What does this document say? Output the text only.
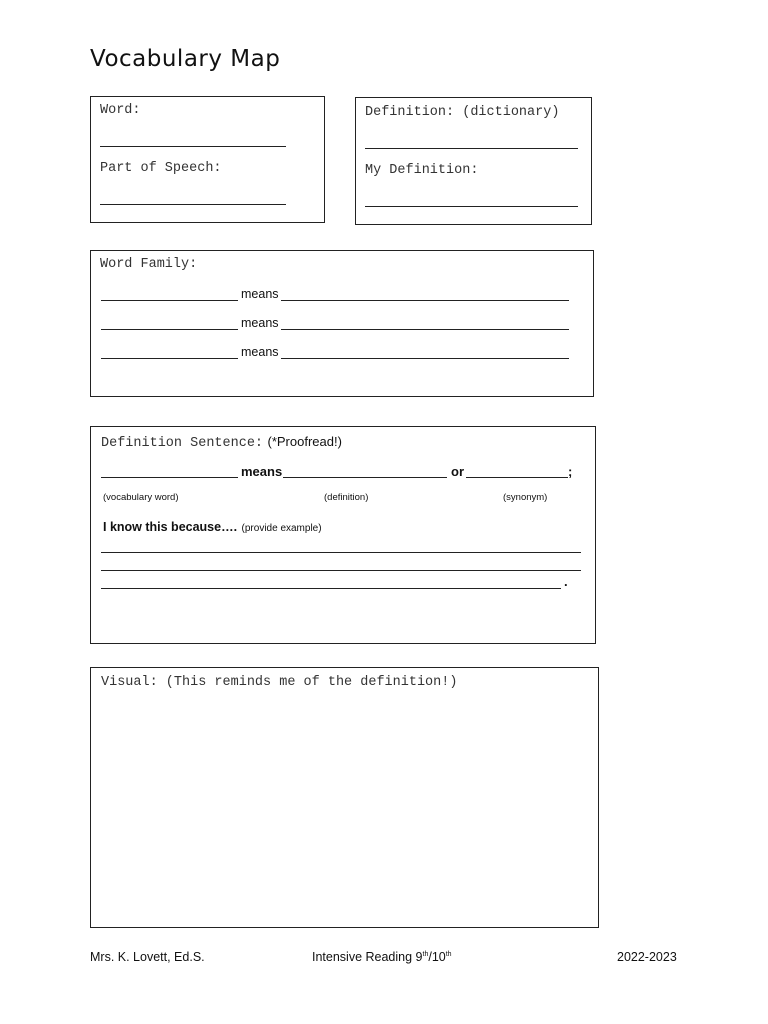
Vocabulary Map
Word:
Part of Speech:
Definition: (dictionary)
My Definition:
Word Family:
means
means
means
Definition Sentence: (*Proofread!)
means	or	;
(vocabulary word)	(definition)	(synonym)
I know this because…. (provide example)
.
Visual: (This reminds me of the definition!)
Mrs. K. Lovett, Ed.S.	Intensive Reading 9th/10th	2022-2023
